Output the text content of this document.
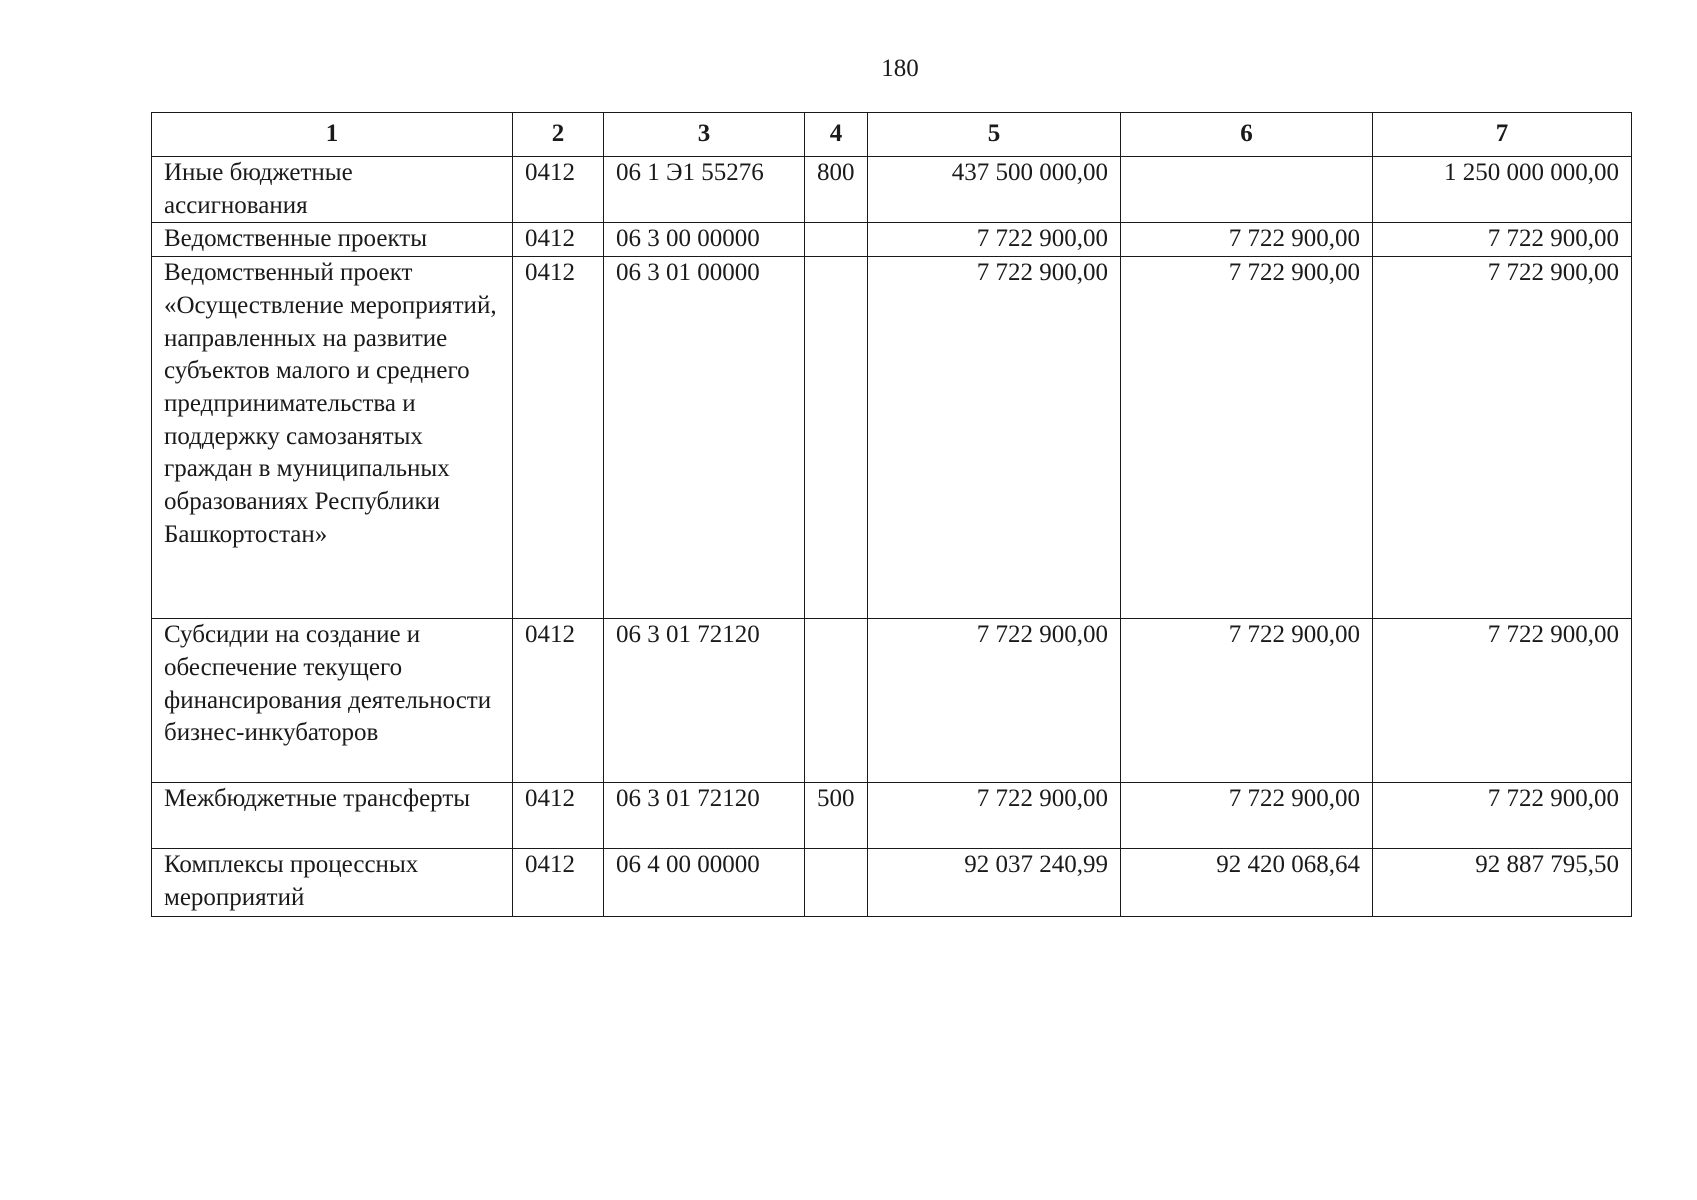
180
1	2	3	4	5	6	7
Иные бюджетные ассигнования	0412	06 1 Э1 55276	800	437 500 000,00		1 250 000 000,00
Ведомственные проекты	0412	06 3 00 00000		7 722 900,00	7 722 900,00	7 722 900,00
Ведомственный проект «Осуществление мероприятий, направленных на развитие субъектов малого и среднего предпринимательства и поддержку самозанятых граждан в муниципальных образованиях Республики Башкортостан»	0412	06 3 01 00000		7 722 900,00	7 722 900,00	7 722 900,00
Субсидии на создание и обеспечение текущего финансирования деятельности бизнес-инкубаторов	0412	06 3 01 72120		7 722 900,00	7 722 900,00	7 722 900,00
Межбюджетные трансферты	0412	06 3 01 72120	500	7 722 900,00	7 722 900,00	7 722 900,00
Комплексы процессных мероприятий	0412	06 4 00 00000		92 037 240,99	92 420 068,64	92 887 795,50
